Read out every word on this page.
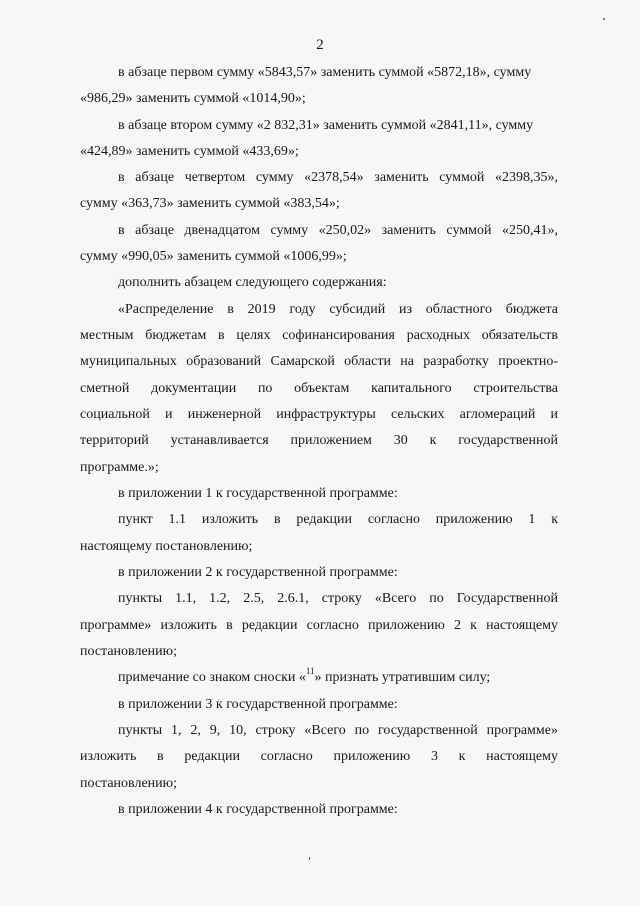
2
в абзаце первом сумму «5843,57» заменить суммой «5872,18», сумму
«986,29» заменить суммой «1014,90»;
в абзаце втором сумму «2 832,31» заменить суммой «2841,11», сумму
«424,89» заменить суммой «433,69»;
в абзаце четвертом сумму «2378,54» заменить суммой «2398,35»,
сумму «363,73» заменить суммой «383,54»;
в абзаце двенадцатом сумму «250,02» заменить суммой «250,41»,
сумму «990,05» заменить суммой «1006,99»;
дополнить абзацем следующего содержания:
«Распределение в 2019 году субсидий из областного бюджета
местным бюджетам в целях софинансирования расходных обязательств
муниципальных образований Самарской области на разработку проектно-
сметной документации по объектам капитального строительства
социальной и инженерной инфраструктуры сельских агломераций и
территорий устанавливается приложением 30 к государственной
программе.»;
в приложении 1 к государственной программе:
пункт 1.1 изложить в редакции согласно приложению 1 к
настоящему постановлению;
в приложении 2 к государственной программе:
пункты 1.1, 1.2, 2.5, 2.6.1, строку «Всего по Государственной
программе» изложить в редакции согласно приложению 2 к настоящему
постановлению;
примечание со знаком сноски «$^{11}$» признать утратившим силу;
в приложении 3 к государственной программе:
пункты 1, 2, 9, 10, строку «Всего по государственной программе»
изложить в редакции согласно приложению 3 к настоящему
постановлению;
в приложении 4 к государственной программе:
